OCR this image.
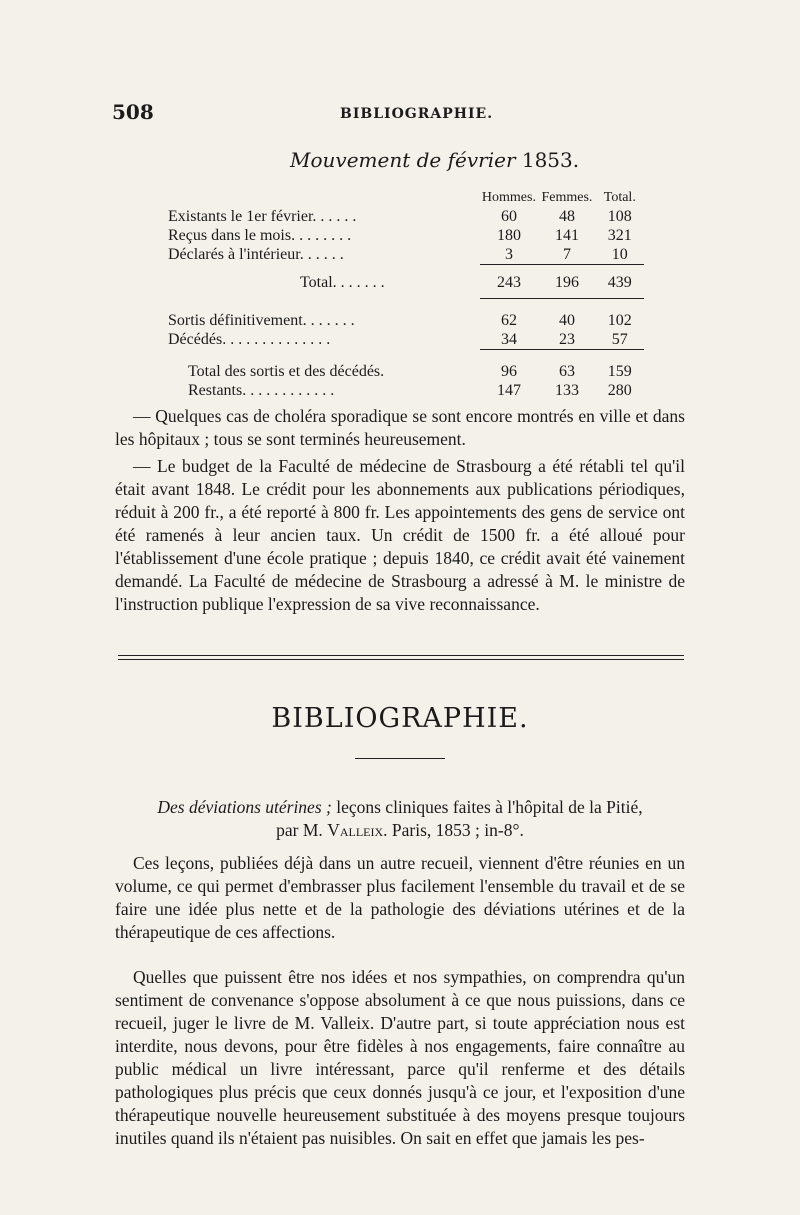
508	BIBLIOGRAPHIE.
Mouvement de février 1853.
	Hommes.	Femmes.	Total.
Existants le 1er février. . . . . .	60	48	108
Reçus dans le mois. . . . . . . .	180	141	321
Déclarés à l'intérieur. . . . . .	3	7	10
Total. . . . . . .	243	196	439

Sortis définitivement. . . . . . .	62	40	102
Décédés. . . . . . . . . . . . . .	34	23	57

Total des sortis et des décédés.	96	63	159
Restants. . . . . . . . . . . .	147	133	280

— Quelques cas de choléra sporadique se sont encore montrés en ville et dans les hôpitaux ; tous se sont terminés heureusement.

— Le budget de la Faculté de médecine de Strasbourg a été rétabli tel qu'il était avant 1848. Le crédit pour les abonnements aux publications périodiques, réduit à 200 fr., a été reporté à 800 fr. Les appointements des gens de service ont été ramenés à leur ancien taux. Un crédit de 1500 fr. a été alloué pour l'établissement d'une école pratique ; depuis 1840, ce crédit avait été vainement demandé. La Faculté de médecine de Strasbourg a adressé à M. le ministre de l'instruction publique l'expression de sa vive reconnaissance.

BIBLIOGRAPHIE.

Des déviations utérines ; leçons cliniques faites à l'hôpital de la Pitié,
par M. Valleix. Paris, 1853 ; in-8°.

Ces leçons, publiées déjà dans un autre recueil, viennent d'être réunies en un volume, ce qui permet d'embrasser plus facilement l'ensemble du travail et de se faire une idée plus nette et de la pathologie des déviations utérines et de la thérapeutique de ces affections.

Quelles que puissent être nos idées et nos sympathies, on comprendra qu'un sentiment de convenance s'oppose absolument à ce que nous puissions, dans ce recueil, juger le livre de M. Valleix. D'autre part, si toute appréciation nous est interdite, nous devons, pour être fidèles à nos engagements, faire connaître au public médical un livre intéressant, parce qu'il renferme et des détails pathologiques plus précis que ceux donnés jusqu'à ce jour, et l'exposition d'une thérapeutique nouvelle heureusement substituée à des moyens presque toujours inutiles quand ils n'étaient pas nuisibles. On sait en effet que jamais les pes-
